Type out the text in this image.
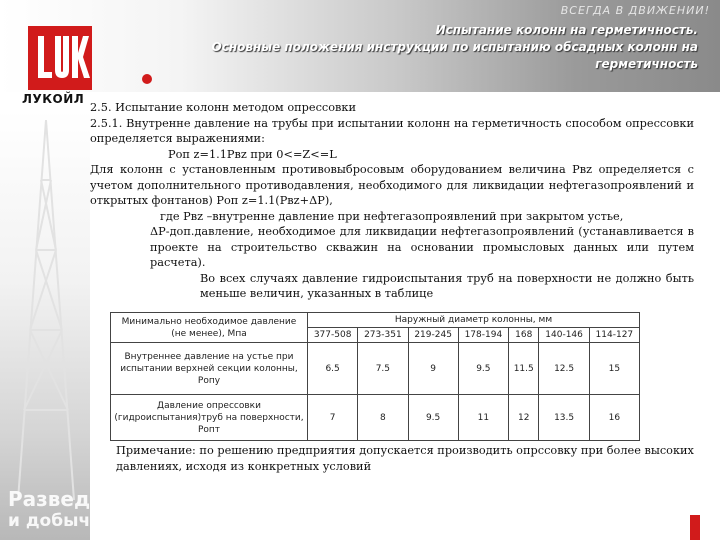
ВСЕГДА В ДВИЖЕНИИ!
Испытание колонн на герметичность.
Основные положения инструкции по испытанию обсадных колонн на
герметичность
ЛУКОЙЛ
Разведка
и добыча

2.5. Испытание колонн методом опрессовки

2.5.1. Внутренне давление на трубы при испытании колонн на герметичность способом опрессовки определяется выражениями:

Роп z=1.1Рвz при 0<=Z<=L

Для колонн с установленным противовыбросовым оборудованием величина Рвz определяется с учетом дополнительного противодавления, необходимого для ликвидации нефтегазопроявлений и открытых фонтанов) Роп z=1.1(Рвz+ΔР),

где Рвz –внутренне давление при нефтегазопроявлений при закрытом устье,

ΔР-доп.давление, необходимое для ликвидации нефтегазопроявлений (устанавливается в проекте на строительство скважин на основании промысловых данных или путем расчета).

Во всех случаях давление гидроиспытания труб на поверхности не должно быть меньше величин, указанных в таблице

Минимально необходимое давление (не менее), Мпа	Наружный диаметр колонны, мм						
	377-508	273-351	219-245	178-194	168	140-146	114-127
Внутреннее давление на устье при испытании верхней секции колонны, Ропу	6.5	7.5	9	9.5	11.5	12.5	15
Давление опрессовки (гидроиспытания)труб на поверхности, Ропт	7	8	9.5	11	12	13.5	16
Примечание: по решению предприятия допускается производить опрсcовку при более высоких давлениях, исходя из конкретных условий
